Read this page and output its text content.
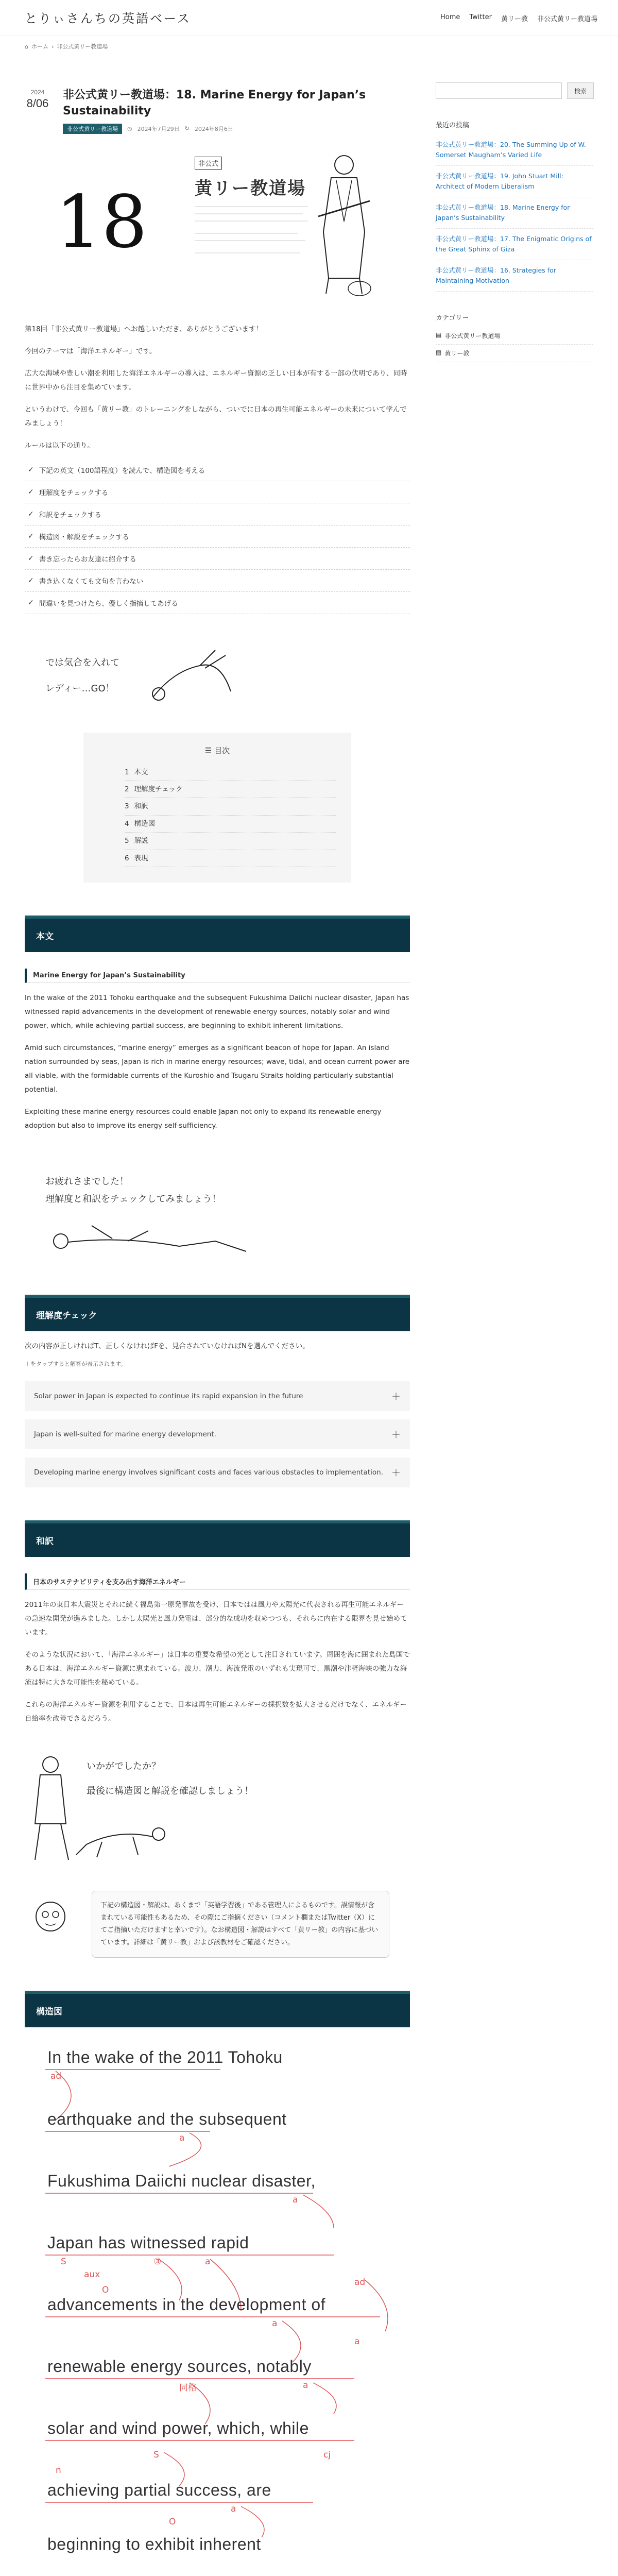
とりぃさんちの英語ベース	Home Twitter 黄リー教 非公式黄リー教道場
⌂ ホーム › 非公式黄リー教道場
2024
8/06
非公式黄リー教道場：18. Marine Energy for Japan’s Sustainability
非公式黄リー教道場	◷ 2024年7月29日 ↻ 2024年8月6日
18
非公式
黄リー教道場

第18回「非公式黄リー教道場」へお越しいただき、ありがとうございます！

今回のテーマは「海洋エネルギー」です。

広大な海域や豊しい潮を利用した海洋エネルギーの導入は、エネルギー資源の乏しい日本が有する一部の伏明であり、同時に世界中から注目を集めています。

というわけで、今回も「黄リー教」のトレーニングをしながら、ついでに日本の再生可能エネルギーの未来について学んでみましょう！

ルールは以下の通り。

✓ 下記の英文（100語程度）を読んで、構造図を考える
✓ 理解度をチェックする
✓ 和訳をチェックする
✓ 構造図・解説をチェックする
✓ 書き忘ったらお友達に紹介する
✓ 書き込くなくても文句を言わない
✓ 間違いを見つけたら、優しく指摘してあげる
では気合を入れて
レディー…GO！
☰ 目次
1 本文
2 理解度チェック
3 和訳
4 構造図
5 解説
6 表現
本文
Marine Energy for Japan’s Sustainability

In the wake of the 2011 Tohoku earthquake and the subsequent Fukushima Daiichi nuclear disaster, Japan has witnessed rapid advancements in the development of renewable energy sources, notably solar and wind power, which, while achieving partial success, are beginning to exhibit inherent limitations.

Amid such circumstances, “marine energy” emerges as a significant beacon of hope for Japan. An island nation surrounded by seas, Japan is rich in marine energy resources; wave, tidal, and ocean current power are all viable, with the formidable currents of the Kuroshio and Tsugaru Straits holding particularly substantial potential.

Exploiting these marine energy resources could enable Japan not only to expand its renewable energy adoption but also to improve its energy self-sufficiency.

お疲れさまでした！
理解度と和訳をチェックしてみましょう！
理解度チェック

次の内容が正しければT、正しくなければFを、見合されていなければNを選んでください。

＋をタップすると解答が表示されます。

Solar power in Japan is expected to continue its rapid expansion in the future	＋
Japan is well-suited for marine energy development.	＋
Developing marine energy involves significant costs and faces various obstacles to implementation. ＋
和訳
日本のサステナビリティを支み出す海洋エネルギー

2011年の東日本大震災とそれに続く福島第一原発事故を受け、日本ではは風力や太陽光に代表される再生可能エネルギーの急速な開発が進みました。しかし太陽光と風力発電は、部分的な成功を収めつつも、それらに内在する限界を見せ始めています。

そのような状況において、「海洋エネルギー」は日本の重要な希望の光として注目されています。周囲を海に囲まれた島国である日本は、海洋エネルギー資源に恵まれている。波力、潮力、海流発電のいずれも実現可で、黒潮や津軽海峡の強力な海流は特に大きな可能性を秘めている。

これらの海洋エネルギー資源を利用することで、日本は再生可能エネルギーの採択数を拡大させるだけでなく、エネルギー自給率を改善できるだろう。

いかがでしたか？
最後に構造図と解説を確認しましょう！
下記の構造図・解説は、あくまで「英語学習後」である管理人によるものです。誤情報が含まれている可能性もあるため、その際にご指摘ください（コメント欄またはTwitter（X）にてご指摘いただけますと幸いです）。なお構造図・解説はすべて「黄リー教」の内容に基づいています。詳細は「黄リー教」および該教材をご確認ください。
構造図
In the wake of the 2011 Tohoku
earthquake and the subsequent
Fukushima Daiichi nuclear disaster,
Japan has witnessed rapid
advancements in the development of
renewable energy sources, notably
solar and wind power, which, while
achieving partial success, are
beginning to exhibit inherent
ad
a
a
S
aux
③	a
O
ad
a
a
同格	a
S	cj
n
a
O
検索
最近の投稿
非公式黄リー教道場：20. The Summing Up of W. Somerset Maugham’s Varied Life
非公式黄リー教道場：19. John Stuart Mill: Architect of Modern Liberalism
非公式黄リー教道場：18. Marine Energy for Japan’s Sustainability
非公式黄リー教道場：17. The Enigmatic Origins of the Great Sphinx of Giza
非公式黄リー教道場：16. Strategies for Maintaining Motivation
カテゴリー
▤ 非公式黄リー教道場
▤ 黄リー教
